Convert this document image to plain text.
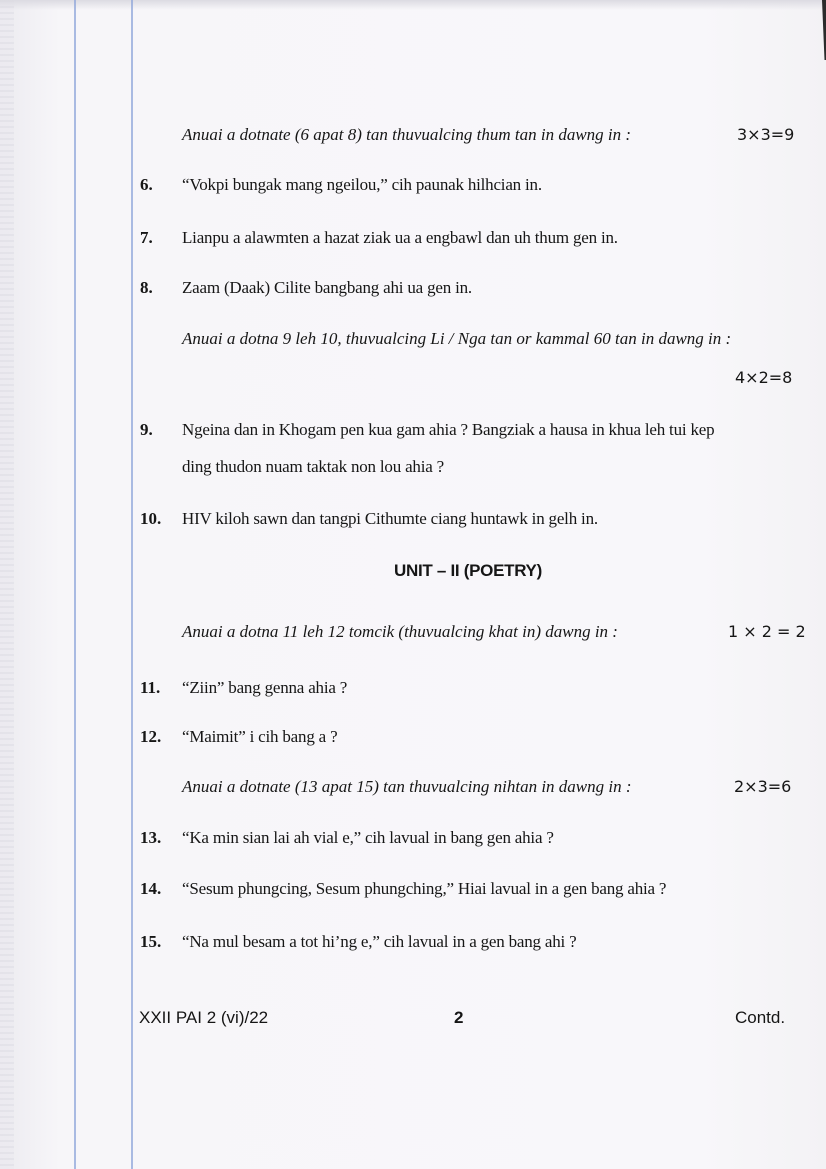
Anuai a dotnate (6 apat 8) tan thuvualcing thum tan in dawng in :	3×3=9
6. “Vokpi bungak mang ngeilou,” cih paunak hilhcian in.
7. Lianpu a alawmten a hazat ziak ua a engbawl dan uh thum gen in.
8. Zaam (Daak) Cilite bangbang ahi ua gen in.
Anuai a dotna 9 leh 10, thuvualcing Li / Nga tan or kammal 60 tan in dawng in :
4×2=8
9. Ngeina dan in Khogam pen kua gam ahia ? Bangziak a hausa in khua leh tui kep
ding thudon nuam taktak non lou ahia ?
10. HIV kiloh sawn dan tangpi Cithumte ciang huntawk in gelh in.
UNIT – II (POETRY)
Anuai a dotna 11 leh 12 tomcik (thuvualcing khat in) dawng in :	1 × 2 = 2
11. “Ziin” bang genna ahia ?
12. “Maimit” i cih bang a ?
Anuai a dotnate (13 apat 15) tan thuvualcing nihtan in dawng in :	2×3=6
13. “Ka min sian lai ah vial e,” cih lavual in bang gen ahia ?
14. “Sesum phungcing, Sesum phungching,” Hiai lavual in a gen bang ahia ?
15. “Na mul besam a tot hi’ng e,” cih lavual in a gen bang ahi ?
XXII PAI 2 (vi)/22	2	Contd.
